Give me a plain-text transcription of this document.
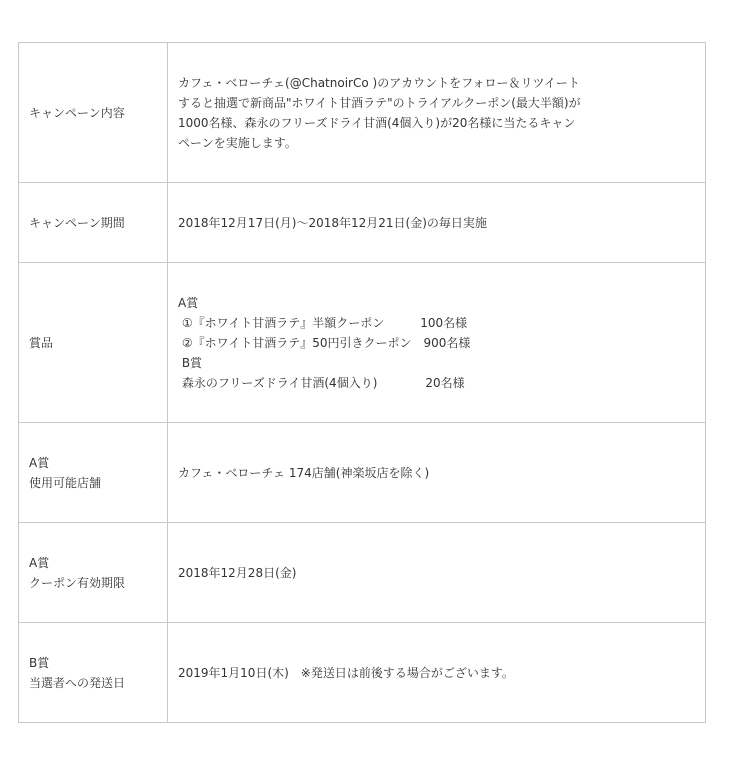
キャンペーン内容	カフェ・ベローチェ(@ChatnoirCo )のアカウントをフォロー＆リツイート
すると抽選で新商品"ホワイト甘酒ラテ"のトライアルクーポン(最大半額)が
1000名様、森永のフリーズドライ甘酒(4個入り)が20名様に当たるキャン
ペーンを実施します。

キャンペーン期間	2018年12月17日(月)～2018年12月21日(金)の毎日実施

賞品	A賞
①『ホワイト甘酒ラテ』半額クーポン　　　100名様
②『ホワイト甘酒ラテ』50円引きクーポン　900名様
B賞
森永のフリーズドライ甘酒(4個入り)　　　　20名様

A賞
使用可能店舗	カフェ・ベローチェ 174店舗(神楽坂店を除く)

A賞
クーポン有効期限	2018年12月28日(金)

B賞
当選者への発送日	2019年1月10日(木)　※発送日は前後する場合がございます。
